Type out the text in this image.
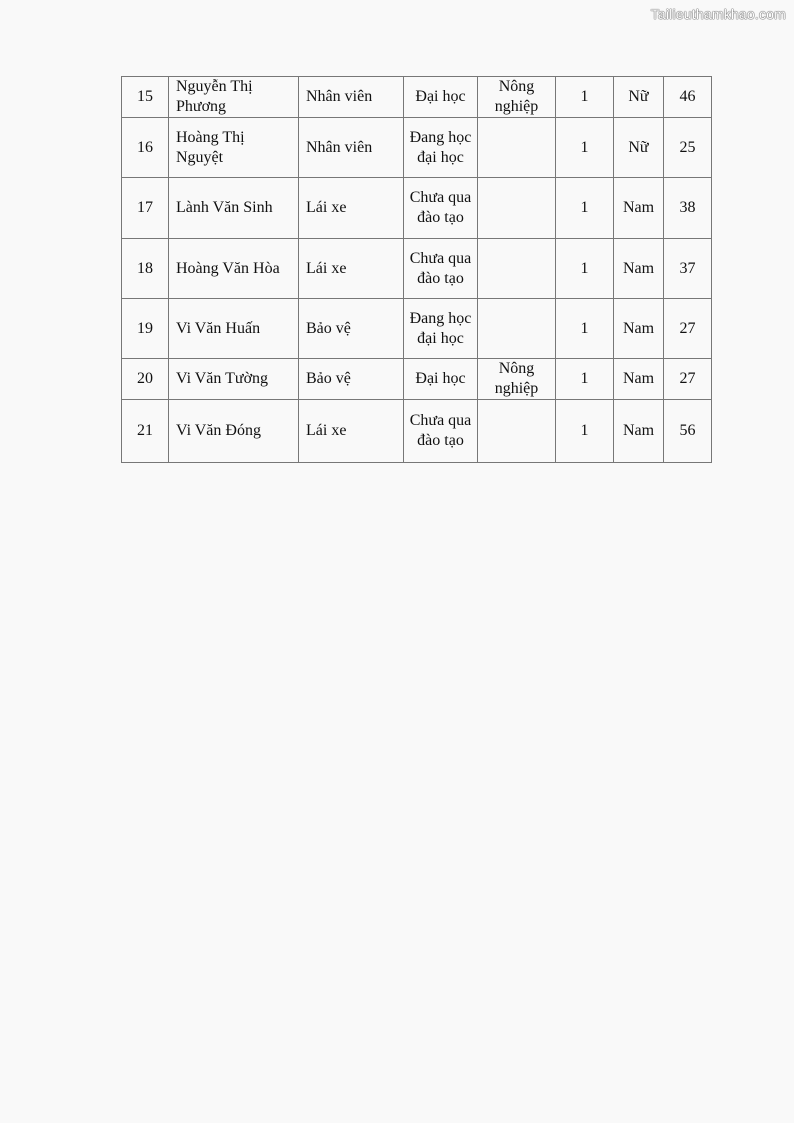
Tailieuthamkhao.com
15	Nguyễn Thị Phương	Nhân viên	Đại học	Nông nghiệp	1	Nữ	46
16	Hoàng Thị Nguyệt	Nhân viên	Đang học đại học		1	Nữ	25
17	Lành Văn Sinh	Lái xe	Chưa qua đào tạo		1	Nam	38
18	Hoàng Văn Hòa	Lái xe	Chưa qua đào tạo		1	Nam	37
19	Vi Văn Huấn	Bảo vệ	Đang học đại học		1	Nam	27
20	Vi Văn Tường	Bảo vệ	Đại học	Nông nghiệp	1	Nam	27
21	Vi Văn Đóng	Lái xe	Chưa qua đào tạo		1	Nam	56
